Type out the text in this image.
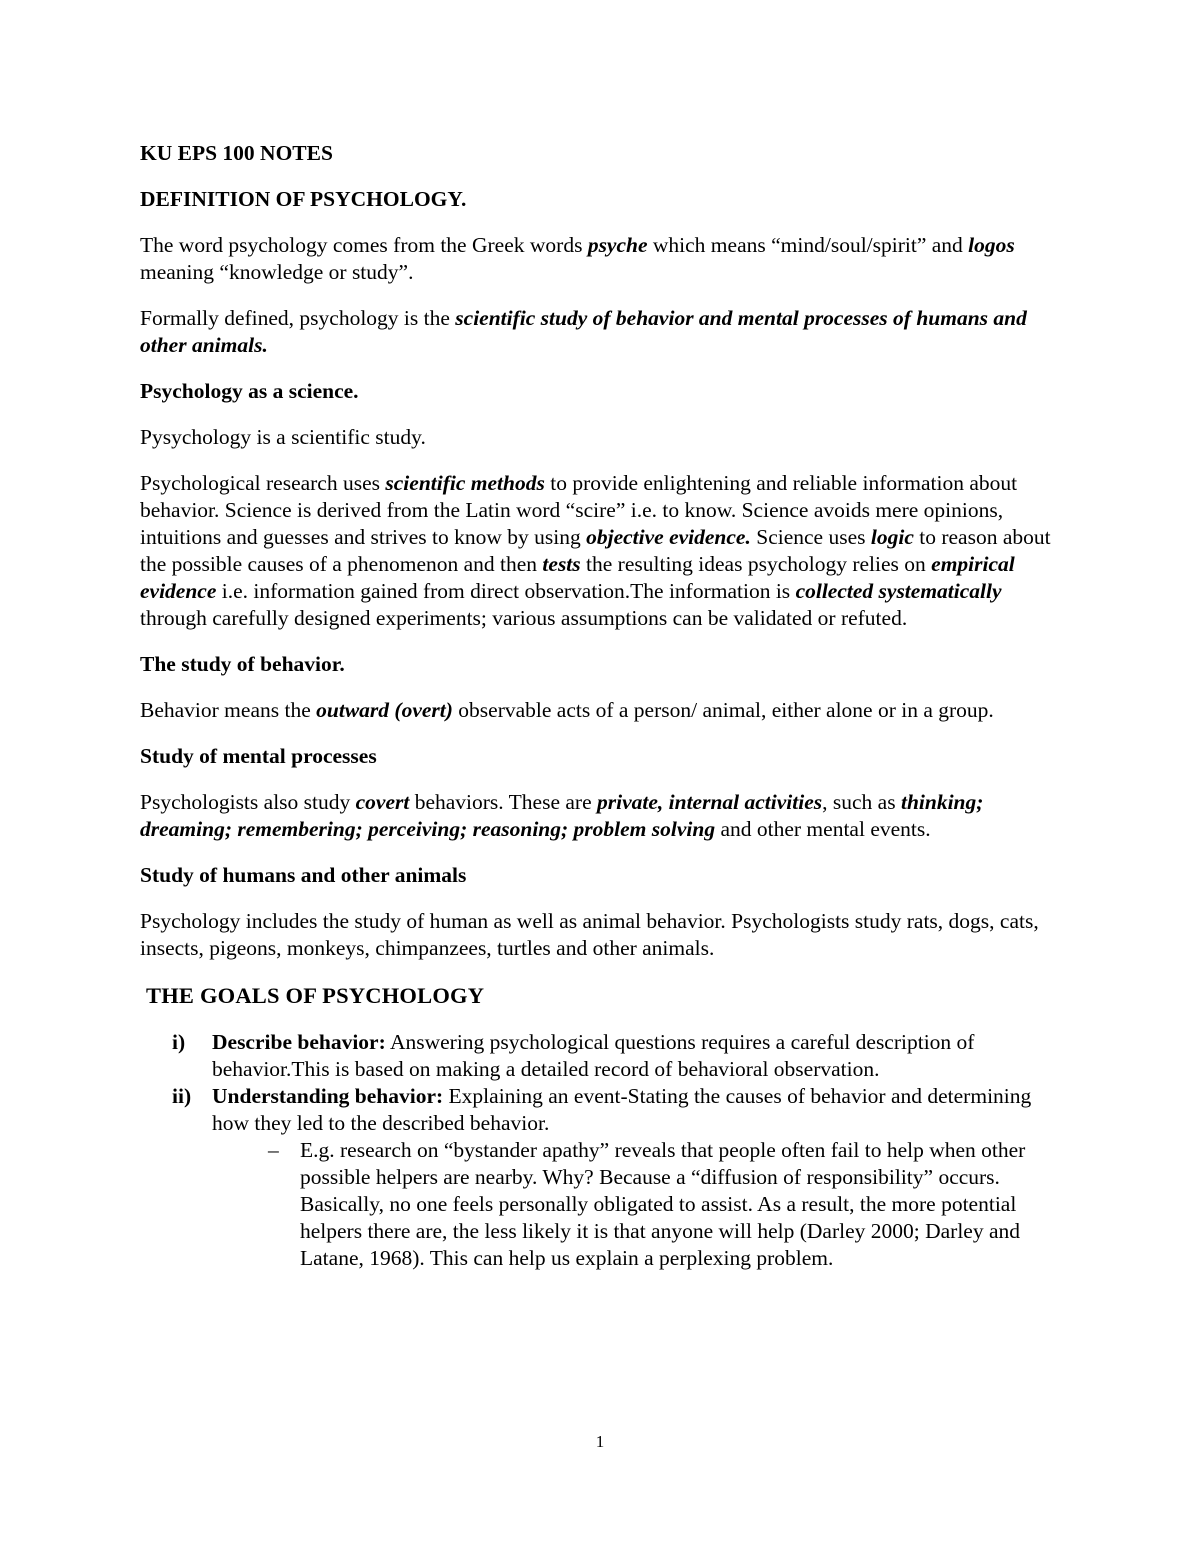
KU EPS 100 NOTES
DEFINITION OF PSYCHOLOGY.

The word psychology comes from the Greek words psyche which means “mind/soul/spirit” and logos meaning “knowledge or study”.

Formally defined, psychology is the scientific study of behavior and mental processes of humans and other animals.

Psychology as a science.

Pysychology is a scientific study.

Psychological research uses scientific methods to provide enlightening and reliable information about behavior. Science is derived from the Latin word “scire” i.e. to know. Science avoids mere opinions, intuitions and guesses and strives to know by using objective evidence. Science uses logic to reason about the possible causes of a phenomenon and then tests the resulting ideas psychology relies on empirical evidence i.e. information gained from direct observation.The information is collected systematically through carefully designed experiments; various assumptions can be validated or refuted.

The study of behavior.

Behavior means the outward (overt) observable acts of a person/ animal, either alone or in a group.

Study of mental processes

Psychologists also study covert behaviors. These are private, internal activities, such as thinking; dreaming; remembering; perceiving; reasoning; problem solving and other mental events.

Study of humans and other animals

Psychology includes the study of human as well as animal behavior. Psychologists study rats, dogs, cats, insects, pigeons, monkeys, chimpanzees, turtles and other animals.

THE GOALS OF PSYCHOLOGY

i) Describe behavior: Answering psychological questions requires a careful description of behavior.This is based on making a detailed record of behavioral observation.

ii) Understanding behavior: Explaining an event-Stating the causes of behavior and determining how they led to the described behavior.

– E.g. research on “bystander apathy” reveals that people often fail to help when other possible helpers are nearby. Why? Because a “diffusion of responsibility” occurs. Basically, no one feels personally obligated to assist. As a result, the more potential helpers there are, the less likely it is that anyone will help (Darley 2000; Darley and Latane, 1968). This can help us explain a perplexing problem.

1
